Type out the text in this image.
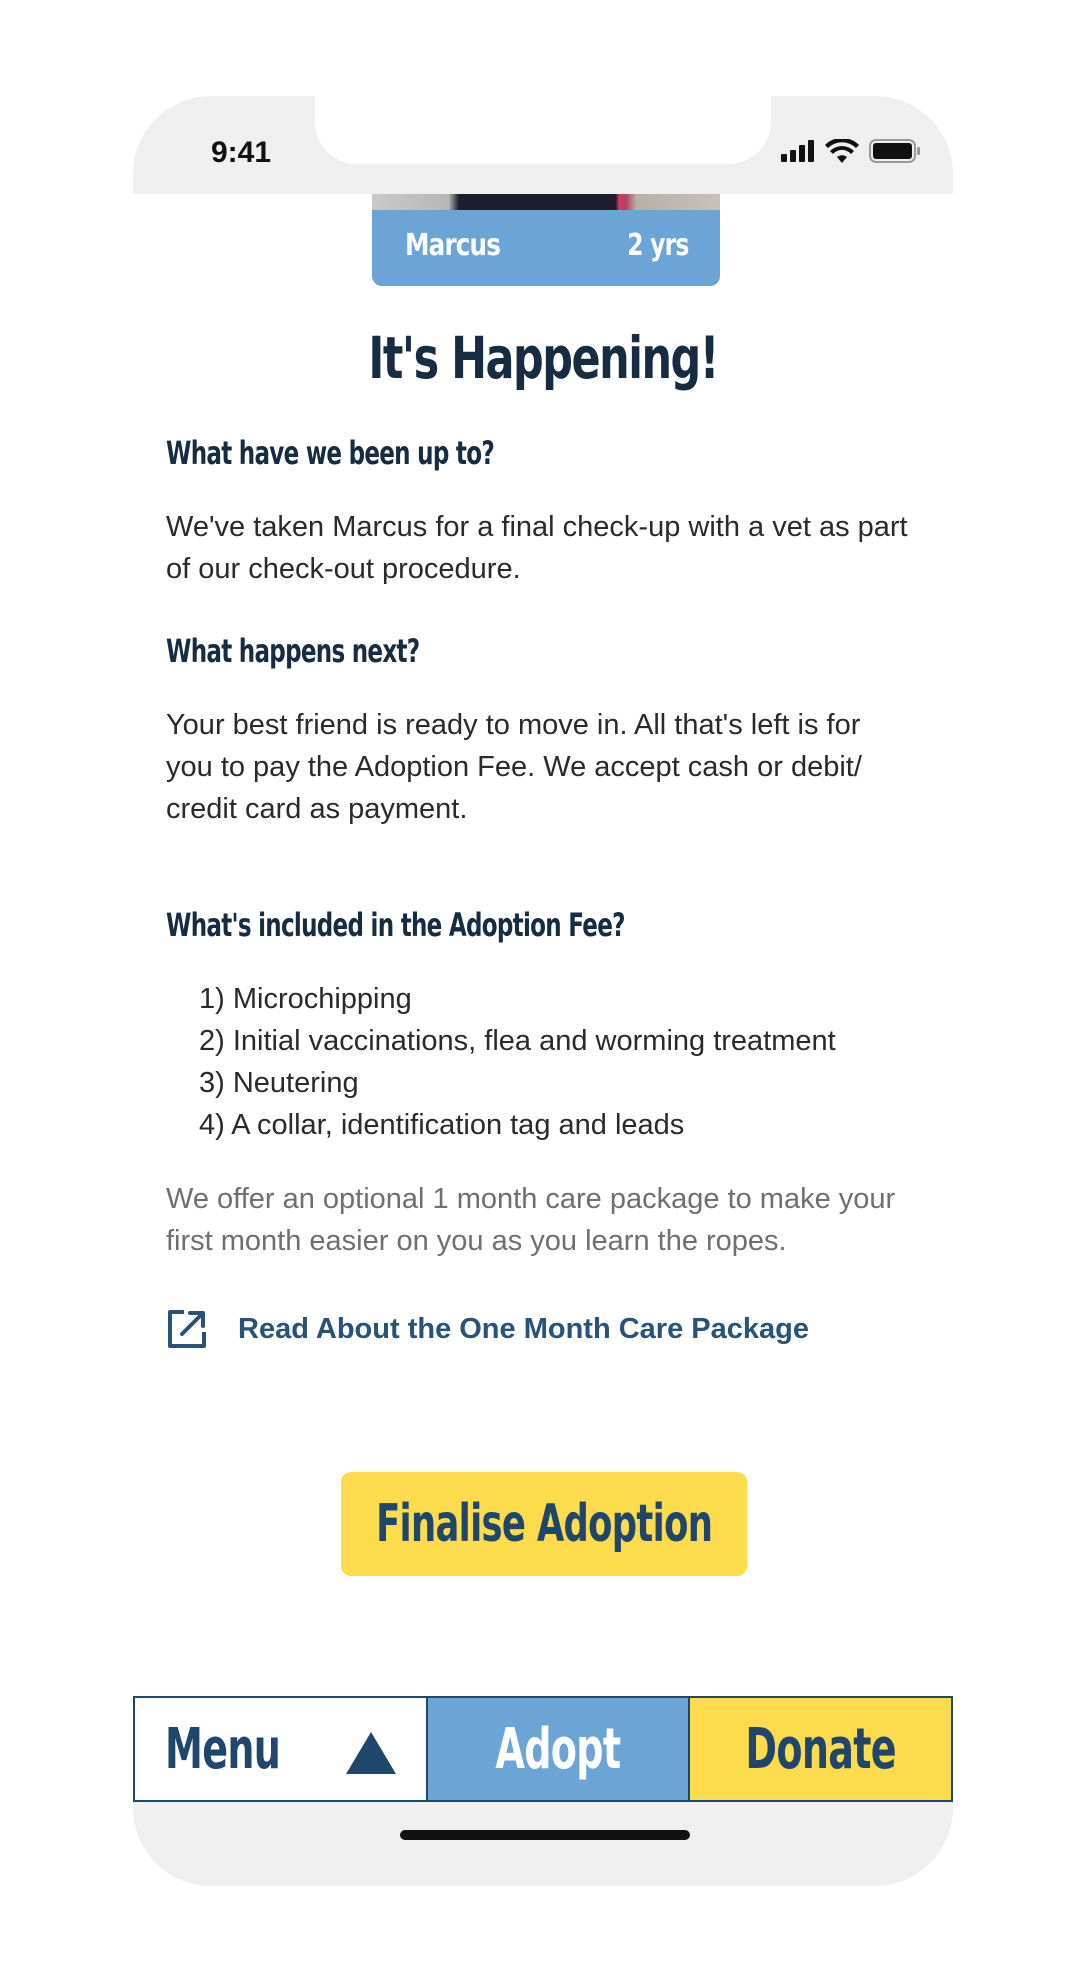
9:41
Marcus	2 yrs
It's Happening!
What have we been up to?
We've taken Marcus for a final check-up with a vet as part of our check-out procedure.
What happens next?
Your best friend is ready to move in. All that's left is for you to pay the Adoption Fee. We accept cash or debit/ credit card as payment.
What's included in the Adoption Fee?
1) Microchipping
2) Initial vaccinations, flea and worming treatment
3) Neutering
4) A collar, identification tag and leads
We offer an optional 1 month care package to make your first month easier on you as you learn the ropes.
Read About the One Month Care Package
Finalise Adoption
Menu	Adopt Donate
